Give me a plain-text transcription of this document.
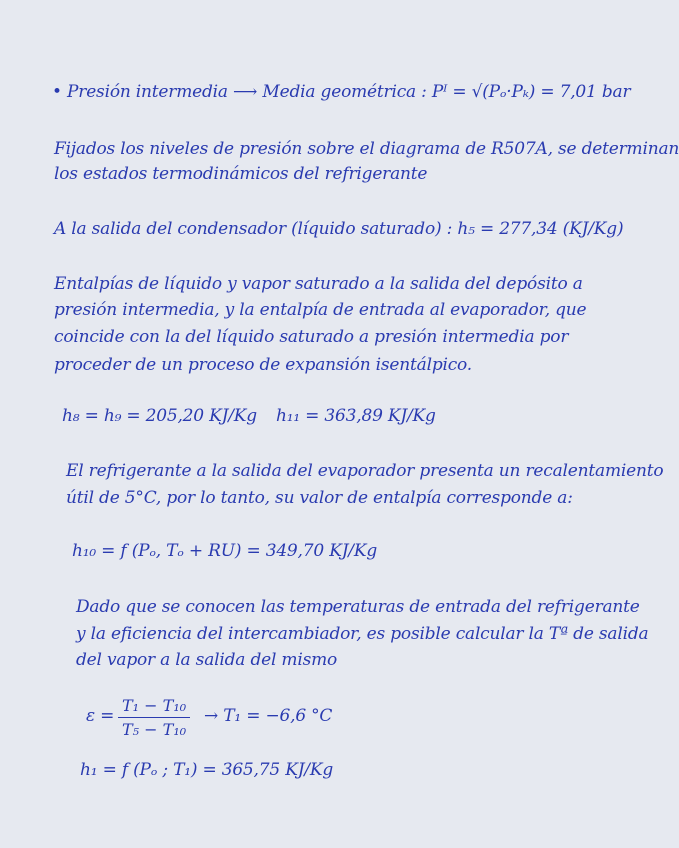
• Presión intermedia ⟶ Media geométrica : Pᴵ = √(Pₒ·Pₖ) = 7,01 bar
Fijados los niveles de presión sobre el diagrama de R507A, se determinan
los estados termodinámicos del refrigerante
A la salida del condensador (líquido saturado) : h₅ = 277,34 (KJ/Kg)
Entalpías de líquido y vapor saturado a la salida del depósito a
presión intermedia, y la entalpía de entrada al evaporador, que
coincide con la del líquido saturado a presión intermedia por
proceder de un proceso de expansión isentálpico.
h₈ = h₉ = 205,20 KJ/Kg h₁₁ = 363,89 KJ/Kg
El refrigerante a la salida del evaporador presenta un recalentamiento
útil de 5°C, por lo tanto, su valor de entalpía corresponde a:
h₁₀ = f (Pₒ, Tₒ + RU) = 349,70 KJ/Kg
Dado que se conocen las temperaturas de entrada del refrigerante
y la eficiencia del intercambiador, es posible calcular la Tª de salida
del vapor a la salida del mismo
$\varepsilon = \frac{\text{T₁ − T₁₀}}{\text{T₅ − T₁₀}} \to T_1 = -6,6$ °C
h₁ = f (Pₒ ; T₁) = 365,75 KJ/Kg
